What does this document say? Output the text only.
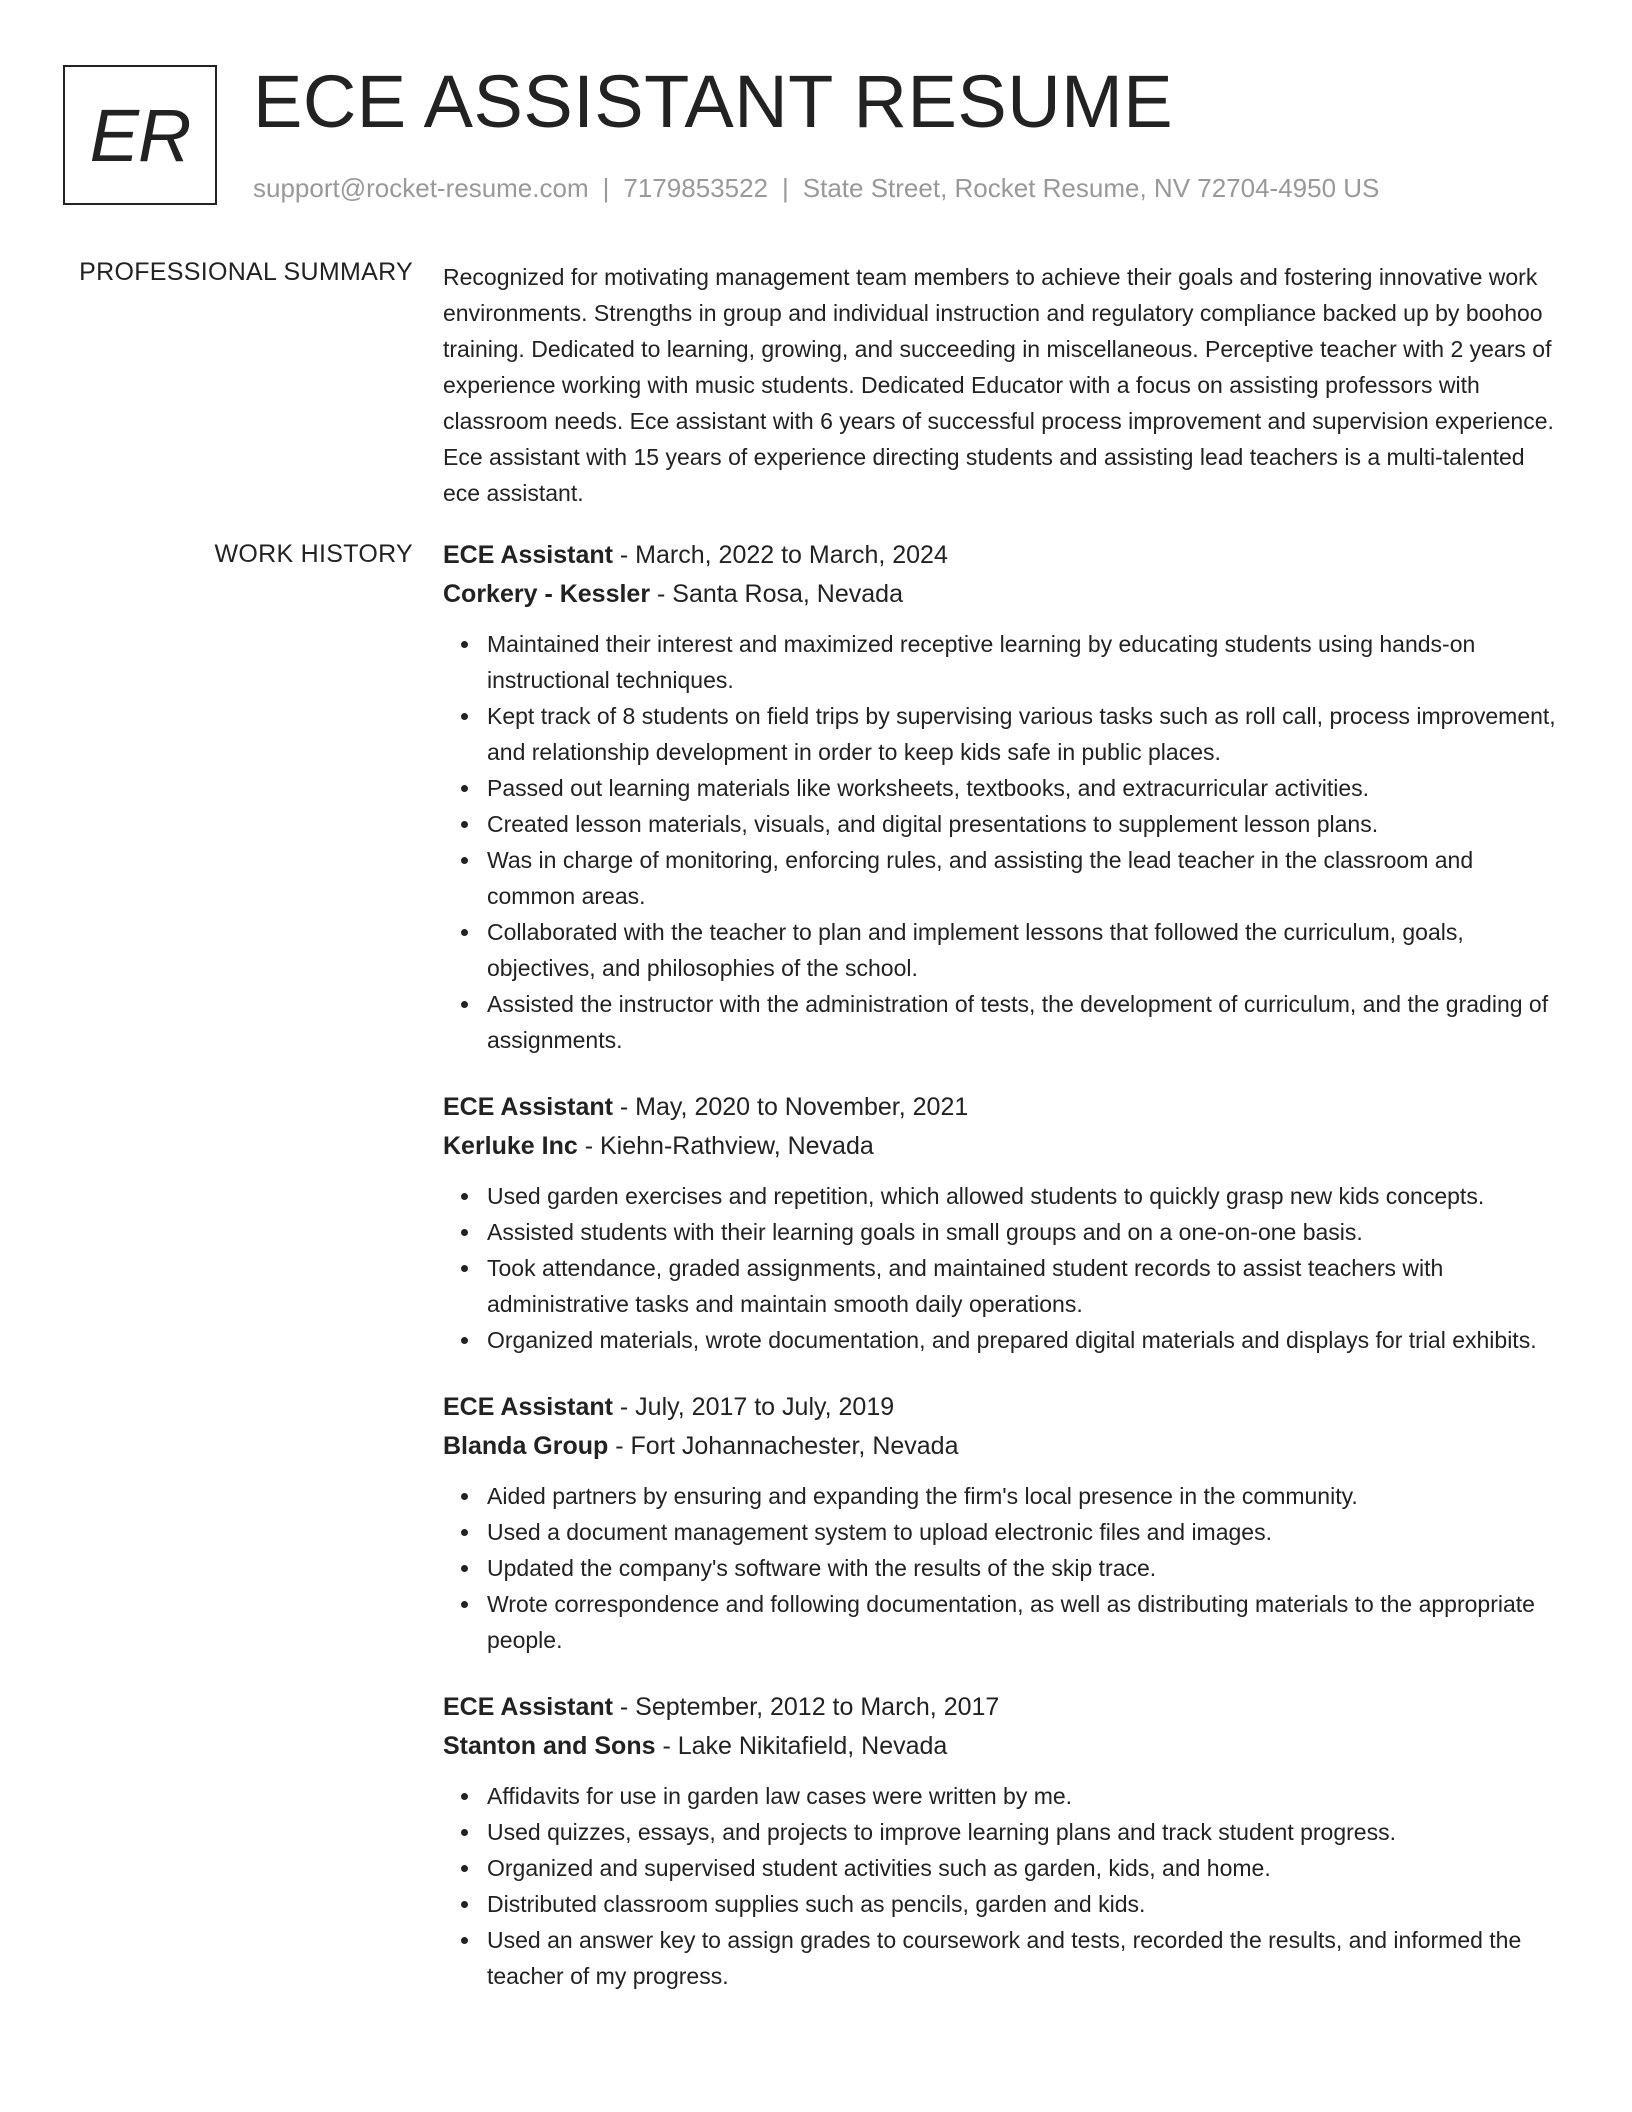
ER ECE ASSISTANT RESUME
support@rocket-resume.com | 7179853522 | State Street, Rocket Resume, NV 72704-4950 US
PROFESSIONAL SUMMARY Recognized for motivating management team members to achieve their goals and fostering innovative work environments. Strengths in group and individual instruction and regulatory compliance backed up by boohoo training. Dedicated to learning, growing, and succeeding in miscellaneous. Perceptive teacher with 2 years of experience working with music students. Dedicated Educator with a focus on assisting professors with classroom needs. Ece assistant with 6 years of successful process improvement and supervision experience. Ece assistant with 15 years of experience directing students and assisting lead teachers is a multi-talented ece assistant.

WORK HISTORY ECE Assistant - March, 2022 to March, 2024
Corkery - Kessler - Santa Rosa, Nevada
Maintained their interest and maximized receptive learning by educating students using hands-on instructional techniques.
Kept track of 8 students on field trips by supervising various tasks such as roll call, process improvement, and relationship development in order to keep kids safe in public places.
Passed out learning materials like worksheets, textbooks, and extracurricular activities.
Created lesson materials, visuals, and digital presentations to supplement lesson plans.
Was in charge of monitoring, enforcing rules, and assisting the lead teacher in the classroom and common areas.
Collaborated with the teacher to plan and implement lessons that followed the curriculum, goals, objectives, and philosophies of the school.
Assisted the instructor with the administration of tests, the development of curriculum, and the grading of assignments.
ECE Assistant - May, 2020 to November, 2021
Kerluke Inc - Kiehn-Rathview, Nevada
Used garden exercises and repetition, which allowed students to quickly grasp new kids concepts.
Assisted students with their learning goals in small groups and on a one-on-one basis.
Took attendance, graded assignments, and maintained student records to assist teachers with administrative tasks and maintain smooth daily operations.
Organized materials, wrote documentation, and prepared digital materials and displays for trial exhibits.
ECE Assistant - July, 2017 to July, 2019
Blanda Group - Fort Johannachester, Nevada
Aided partners by ensuring and expanding the firm's local presence in the community.
Used a document management system to upload electronic files and images.
Updated the company's software with the results of the skip trace.
Wrote correspondence and following documentation, as well as distributing materials to the appropriate people.
ECE Assistant - September, 2012 to March, 2017
Stanton and Sons - Lake Nikitafield, Nevada
Affidavits for use in garden law cases were written by me.
Used quizzes, essays, and projects to improve learning plans and track student progress.
Organized and supervised student activities such as garden, kids, and home.
Distributed classroom supplies such as pencils, garden and kids.
Used an answer key to assign grades to coursework and tests, recorded the results, and informed the teacher of my progress.
